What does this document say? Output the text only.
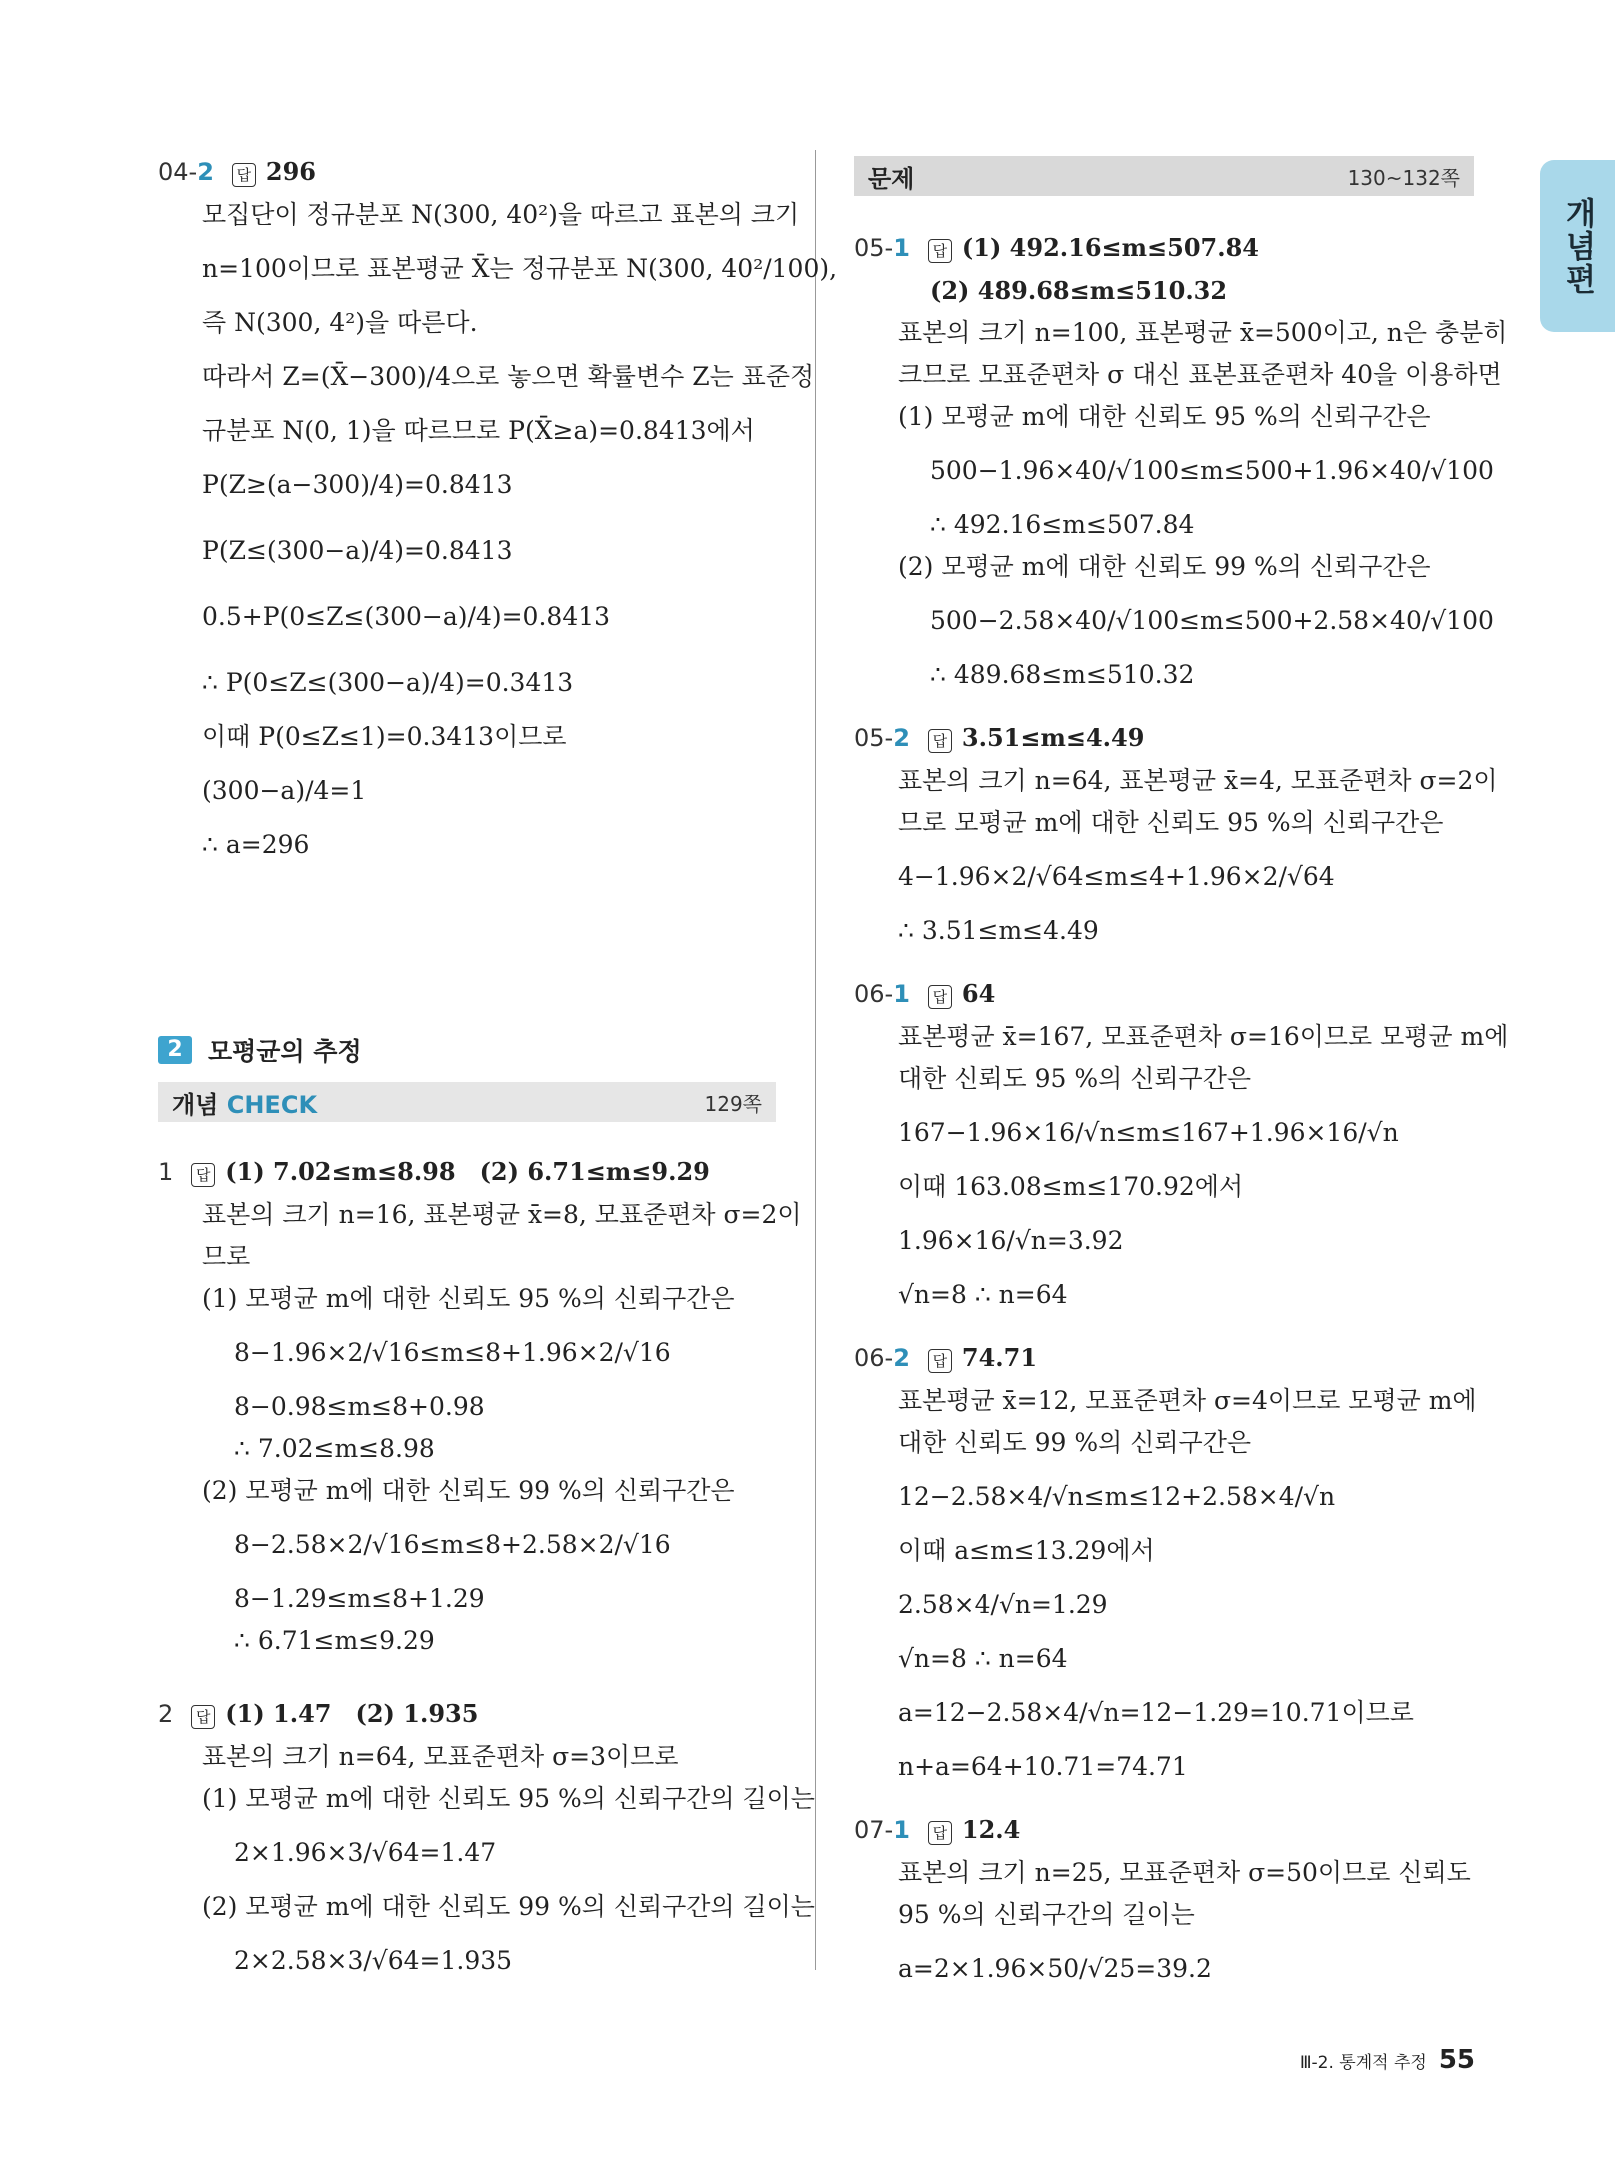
개념편
04-2	답 296
모집단이 정규분포 N(300, 40²)을 따르고 표본의 크기
n=100이므로 표본평균 X̄는 정규분포 N(300, 40²/100),
즉 N(300, 4²)을 따른다.
따라서 Z=(X̄−300)/4으로 놓으면 확률변수 Z는 표준정
규분포 N(0, 1)을 따르므로 P(X̄≥a)=0.8413에서
P(Z≥(a−300)/4)=0.8413
P(Z≤(300−a)/4)=0.8413
0.5+P(0≤Z≤(300−a)/4)=0.8413
∴ P(0≤Z≤(300−a)/4)=0.3413
이때 P(0≤Z≤1)=0.3413이므로
(300−a)/4=1
∴ a=296
2	모평균의 추정
개념 CHECK	129쪽
1	답 (1) 7.02≤m≤8.98 (2) 6.71≤m≤9.29
표본의 크기 n=16, 표본평균 x̄=8, 모표준편차 σ=2이
므로
(1) 모평균 m에 대한 신뢰도 95 %의 신뢰구간은
8−1.96×2/√16≤m≤8+1.96×2/√16
8−0.98≤m≤8+0.98
∴ 7.02≤m≤8.98
(2) 모평균 m에 대한 신뢰도 99 %의 신뢰구간은
8−2.58×2/√16≤m≤8+2.58×2/√16
8−1.29≤m≤8+1.29
∴ 6.71≤m≤9.29
2	답 (1) 1.47 (2) 1.935
표본의 크기 n=64, 모표준편차 σ=3이므로
(1) 모평균 m에 대한 신뢰도 95 %의 신뢰구간의 길이는
2×1.96×3/√64=1.47
(2) 모평균 m에 대한 신뢰도 99 %의 신뢰구간의 길이는
2×2.58×3/√64=1.935
문제	130~132쪽
05-1	답 (1) 492.16≤m≤507.84
(2) 489.68≤m≤510.32
표본의 크기 n=100, 표본평균 x̄=500이고, n은 충분히
크므로 모표준편차 σ 대신 표본표준편차 40을 이용하면
(1) 모평균 m에 대한 신뢰도 95 %의 신뢰구간은
500−1.96×40/√100≤m≤500+1.96×40/√100
∴ 492.16≤m≤507.84
(2) 모평균 m에 대한 신뢰도 99 %의 신뢰구간은
500−2.58×40/√100≤m≤500+2.58×40/√100
∴ 489.68≤m≤510.32
05-2	답 3.51≤m≤4.49
표본의 크기 n=64, 표본평균 x̄=4, 모표준편차 σ=2이
므로 모평균 m에 대한 신뢰도 95 %의 신뢰구간은
4−1.96×2/√64≤m≤4+1.96×2/√64
∴ 3.51≤m≤4.49
06-1	답 64
표본평균 x̄=167, 모표준편차 σ=16이므로 모평균 m에
대한 신뢰도 95 %의 신뢰구간은
167−1.96×16/√n≤m≤167+1.96×16/√n
이때 163.08≤m≤170.92에서
1.96×16/√n=3.92
√n=8 ∴ n=64
06-2	답 74.71
표본평균 x̄=12, 모표준편차 σ=4이므로 모평균 m에
대한 신뢰도 99 %의 신뢰구간은
12−2.58×4/√n≤m≤12+2.58×4/√n
이때 a≤m≤13.29에서
2.58×4/√n=1.29
√n=8 ∴ n=64
a=12−2.58×4/√n=12−1.29=10.71이므로
n+a=64+10.71=74.71
07-1	답 12.4
표본의 크기 n=25, 모표준편차 σ=50이므로 신뢰도
95 %의 신뢰구간의 길이는
a=2×1.96×50/√25=39.2
Ⅲ-2. 통계적 추정 55
